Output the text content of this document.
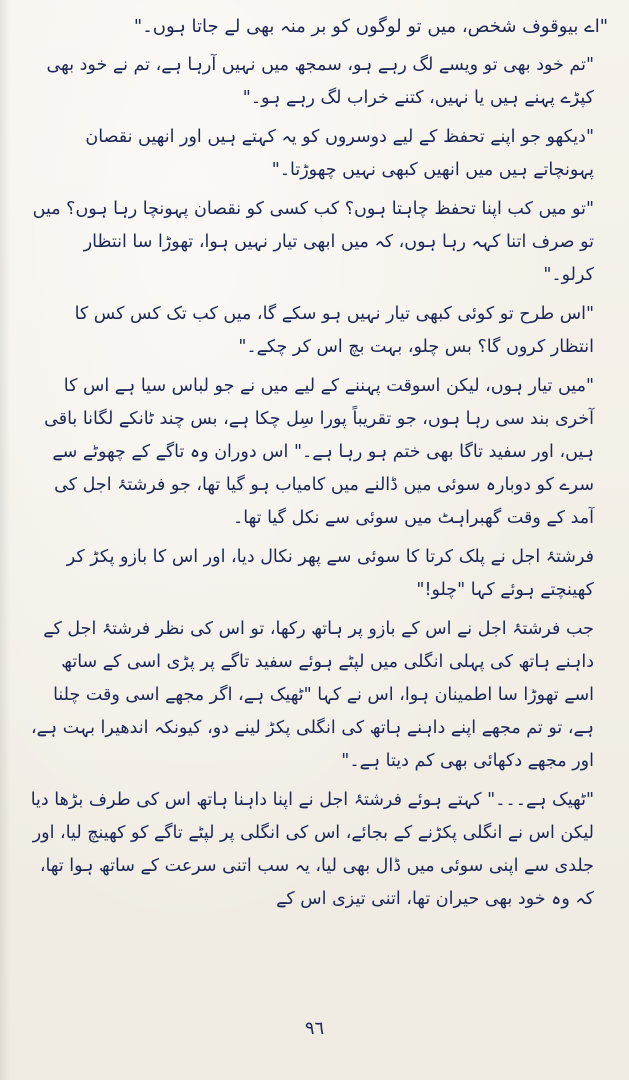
"اے بیوقوف شخص، میں تو لوگوں کو بر منہ بھی لے جاتا ہوں۔"

"تم خود بھی تو ویسے لگ رہے ہو، سمجھ میں نہیں آرہا ہے، تم نے خود بھی کپڑے پہنے ہیں یا نہیں، کتنے خراب لگ رہے ہو۔"

"دیکھو جو اپنے تحفظ کے لیے دوسروں کو یہ کہتے ہیں اور انھیں نقصان پہونچاتے ہیں میں انھیں کبھی نہیں چھوڑتا۔"

"تو میں کب اپنا تحفظ چاہتا ہوں؟ کب کسی کو نقصان پہونچا رہا ہوں؟ میں تو صرف اتنا کہہ رہا ہوں، کہ میں ابھی تیار نہیں ہوا، تھوڑا سا انتظار کرلو۔"

"اس طرح تو کوئی کبھی تیار نہیں ہو سکے گا، میں کب تک کس کس کا انتظار کروں گا؟ بس چلو، بہت بچ اس کر چکے۔"

"میں تیار ہوں، لیکن اسوقت پہننے کے لیے میں نے جو لباس سیا ہے اس کا آخری بند سی رہا ہوں، جو تقریباً پورا سِل چکا ہے، بس چند ٹانکے لگانا باقی ہیں، اور سفید تاگا بھی ختم ہو رہا ہے۔" اس دوران وہ تاگے کے چھوٹے سے سرے کو دوبارہ سوئی میں ڈالنے میں کامیاب ہو گیا تھا، جو فرشتۂ اجل کی آمد کے وقت گھبراہٹ میں سوئی سے نکل گیا تھا۔

فرشتۂ اجل نے پلک کرتا کا سوئی سے پھر نکال دیا، اور اس کا بازو پکڑ کر کھینچتے ہوئے کہا "چلو!"

جب فرشتۂ اجل نے اس کے بازو پر ہاتھ رکھا، تو اس کی نظر فرشتۂ اجل کے داہنے ہاتھ کی پہلی انگلی میں لپٹے ہوئے سفید تاگے پر پڑی اسی کے ساتھ اسے تھوڑا سا اطمینان ہوا، اس نے کہا "ٹھیک ہے، اگر مجھے اسی وقت چلنا ہے، تو تم مجھے اپنے داہنے ہاتھ کی انگلی پکڑ لینے دو، کیونکہ اندھیرا بہت ہے، اور مجھے دکھائی بھی کم دیتا ہے۔"

"ٹھیک ہے۔۔۔" کہتے ہوئے فرشتۂ اجل نے اپنا داہنا ہاتھ اس کی طرف بڑھا دیا لیکن اس نے انگلی پکڑنے کے بجائے، اس کی انگلی پر لپٹے تاگے کو کھینچ لیا، اور جلدی سے اپنی سوئی میں ڈال بھی لیا، یہ سب اتنی سرعت کے ساتھ ہوا تھا، کہ وہ خود بھی حیران تھا، اتنی تیزی اس کے

٩٦
